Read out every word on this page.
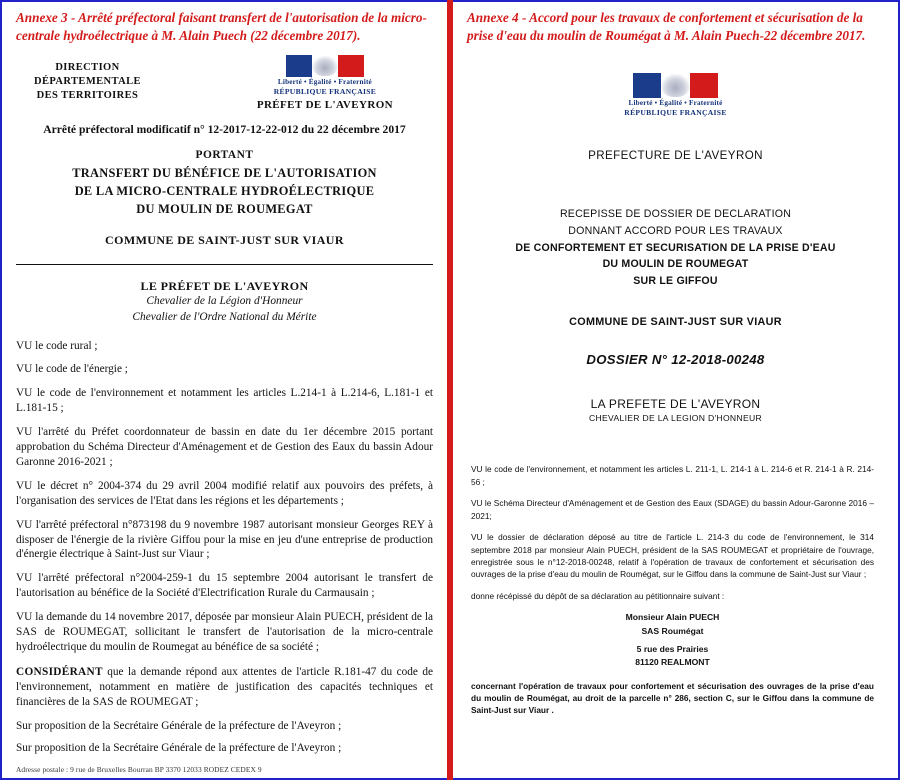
Annexe 3 - Arrêté préfectoral faisant transfert de l'autorisation de la micro-centrale hydroélectrique à M. Alain Puech (22 décembre 2017).
DIRECTION
DÉPARTEMENTALE
DES TERRITOIRES
Liberté • Égalité • Fraternité
RÉPUBLIQUE FRANÇAISE
PRÉFET DE L'AVEYRON
Arrêté préfectoral modificatif n° 12-2017-12-22-012 du 22 décembre 2017
PORTANT
TRANSFERT DU BÉNÉFICE DE L'AUTORISATION
DE LA MICRO-CENTRALE HYDROÉLECTRIQUE
DU MOULIN DE ROUMEGAT
COMMUNE DE SAINT-JUST SUR VIAUR
LE PRÉFET DE L'AVEYRON
Chevalier de la Légion d'Honneur
Chevalier de l'Ordre National du Mérite
VU le code rural ;
VU le code de l'énergie ;
VU le code de l'environnement et notamment les articles L.214-1 à L.214-6, L.181-1 et L.181-15 ;
VU l'arrêté du Préfet coordonnateur de bassin en date du 1er décembre 2015 portant approbation du Schéma Directeur d'Aménagement et de Gestion des Eaux du bassin Adour Garonne 2016-2021 ;
VU le décret n° 2004-374 du 29 avril 2004 modifié relatif aux pouvoirs des préfets, à l'organisation des services de l'Etat dans les régions et les départements ;
VU l'arrêté préfectoral n°873198 du 9 novembre 1987 autorisant monsieur Georges REY à disposer de l'énergie de la rivière Giffou pour la mise en jeu d'une entreprise de production d'énergie électrique à Saint-Just sur Viaur ;
VU l'arrêté préfectoral n°2004-259-1 du 15 septembre 2004 autorisant le transfert de l'autorisation au bénéfice de la Société d'Electrification Rurale du Carmausain ;
VU la demande du 14 novembre 2017, déposée par monsieur Alain PUECH, président de la SAS de ROUMEGAT, sollicitant le transfert de l'autorisation de la micro-centrale hydroélectrique du moulin de Roumegat au bénéfice de sa société ;
CONSIDÉRANT que la demande répond aux attentes de l'article R.181-47 du code de l'environnement, notamment en matière de justification des capacités techniques et financières de la SAS de ROUMEGAT ;
Sur proposition de la Secrétaire Générale de la préfecture de l'Aveyron ;
Sur proposition de la Secrétaire Générale de la préfecture de l'Aveyron ;
Adresse postale : 9 rue de Bruxelles Bourran BP 3370 12033 RODEZ CEDEX 9
Annexe 4 - Accord pour les travaux de confortement et sécurisation de la prise d'eau du moulin de Roumégat à M. Alain Puech-22 décembre 2017.
Liberté • Égalité • Fraternité
RÉPUBLIQUE FRANÇAISE
PREFECTURE DE L'AVEYRON
RECEPISSE DE DOSSIER DE DECLARATION
DONNANT ACCORD POUR LES TRAVAUX
DE CONFORTEMENT ET SECURISATION DE LA PRISE D'EAU
DU MOULIN DE ROUMEGAT
SUR LE GIFFOU
COMMUNE DE SAINT-JUST SUR VIAUR
DOSSIER N° 12-2018-00248
LA PREFETE DE L'AVEYRON
CHEVALIER DE LA LEGION D'HONNEUR

VU le code de l'environnement, et notamment les articles L. 211-1, L. 214-1 à L. 214-6 et R. 214-1 à R. 214-56 ;

VU le Schéma Directeur d'Aménagement et de Gestion des Eaux (SDAGE) du bassin Adour-Garonne 2016 – 2021;

VU le dossier de déclaration déposé au titre de l'article L. 214-3 du code de l'environnement, le 314 septembre 2018 par monsieur Alain PUECH, président de la SAS ROUMEGAT et propriétaire de l'ouvrage, enregistrée sous le n°12-2018-00248, relatif à l'opération de travaux de confortement et sécurisation des ouvrages de la prise d'eau du moulin de Roumégat, sur le Giffou dans la commune de Saint-Just sur Viaur ;

donne récépissé du dépôt de sa déclaration au pétitionnaire suivant :

Monsieur Alain PUECH
SAS Roumégat
5 rue des Prairies
81120 REALMONT

concernant l'opération de travaux pour confortement et sécurisation des ouvrages de la prise d'eau du moulin de Roumégat, au droit de la parcelle n° 286, section C, sur le Giffou dans la commune de Saint-Just sur Viaur .
